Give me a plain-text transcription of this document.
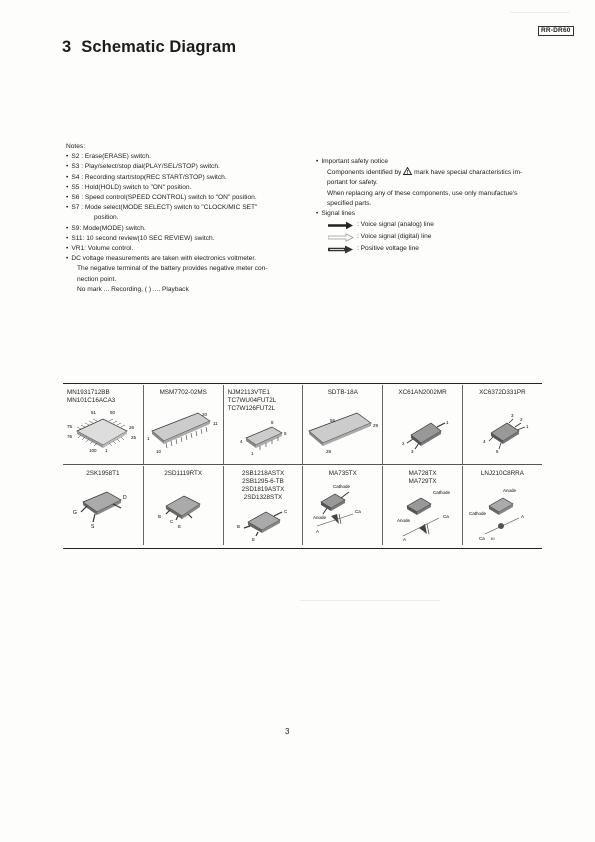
RR-DR60
3 Schematic Diagram
Notes:
• S2 : Erase(ERASE) switch.
• S3 : Play/select/stop dial(PLAY/SEL/STOP) switch.
• S4 : Recording start/stop(REC START/STOP) switch.
• S5 : Hold(HOLD) switch to "ON" position.
• S6 : Speed control(SPEED CONTROL) switch to "ON" position.
• S7 : Mode select(MODE SELECT) switch to "CLOCK/MIC SET"
position.
• S9: Mode(MODE) switch.
• S11: 10 second review(10 SEC REVIEW) switch.
• VR1: Volume control.
• DC voltage measurements are taken with electronics voltmeter.
The negative terminal of the battery provides negative meter con-
nection point.
No mark ... Recording, ( ) .... Playback
• Important safety notice
Components identified by ! mark have special characteristics im-
portant for safety.
When replacing any of these components, use only manufactue's
specified parts.
• Signal lines
: Voice signal (analog) line
: Voice signal (digital) line
: Positive voltage line
51	50
75
76
26
100
25
1
MN1931712BB
MN101C16ACA3
20
11
1
10
MSM7702-02MS
8
5
4
1
NJM2113VTE1
TC7WU04FUT2L
TC7W126FUT2L
56
29
28
SDTB-18A
1
2
3
XC61AN2002MR
3
2
1
4
5
XC6372D331PR
D
G
S
2SK1958T1
B
C
E
2SD1119RTX
C
B
E
2SB1218ASTX
2SB1295-6-TB
2SD1819ASTX
2SD1328STX
Cathode
Ca
Anode
A
MA735TX
Cathode
Ca
Anode
A
MA728TX
MA729TX
Anode
Cathode
A
Ca KI
LNJ210C8RRA
3
